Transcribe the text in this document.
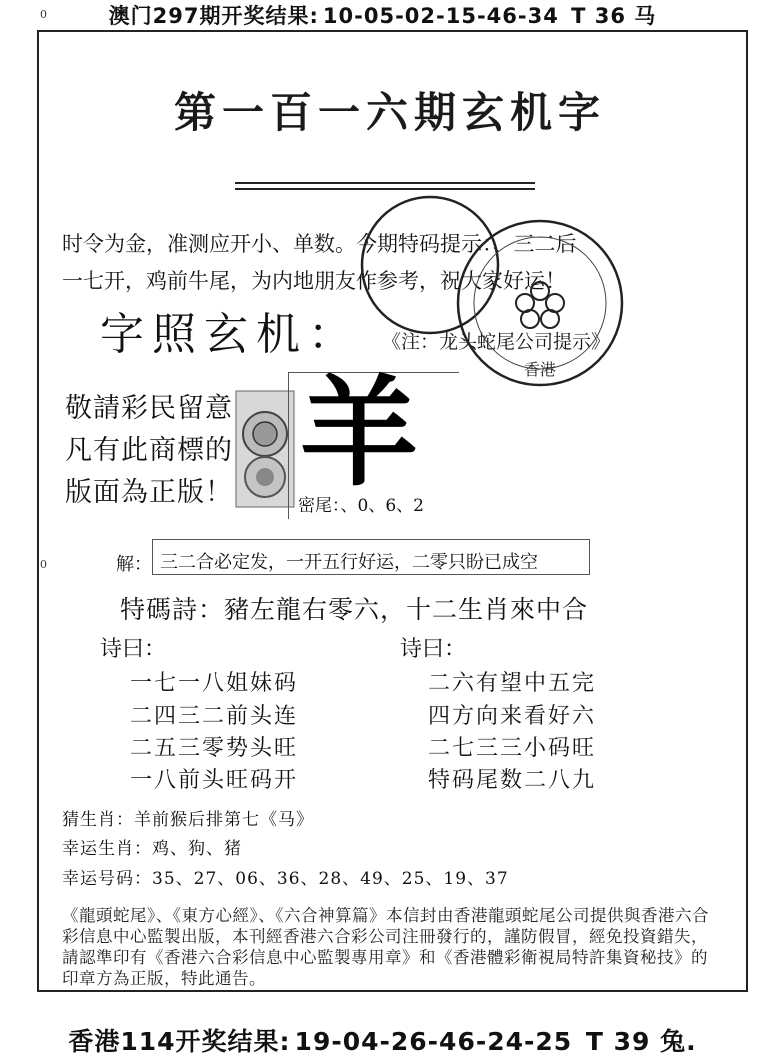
澳门297期开奖结果: 10-05-02-15-46-34 T 36 马
0
0
第一百一六期玄机字
时令为金，准测应开小、单数。今期特码提示：、三二后
一七开，鸡前牛尾，为内地朋友作参考，祝大家好运！
字照玄机： 《注：龙头蛇尾公司提示》
香港
敬請彩民留意
凡有此商標的
版面為正版！ 羊
密尾：、0、6、2
解： 三二合必定发，一开五行好运，二零只盼已成空
特碼詩：豬左龍右零六，十二生肖來中合
诗曰：	诗曰：
一七一八姐妹码
二四三二前头连
二五三零势头旺
一八前头旺码开
二六有望中五完
四方向来看好六
二七三三小码旺
特码尾数二八九
猜生肖：羊前猴后排第七《马》
幸运生肖：鸡、狗、猪
幸运号码：35、27、06、36、28、49、25、19、37
《龍頭蛇尾》、《東方心經》、《六合神算篇》本信封由香港龍頭蛇尾公司提供與香港六合彩信息中心監製出版，本刊經香港六合彩公司注冊發行的，謹防假冒，經免投資錯失，請認準印有《香港六合彩信息中心監製專用章》和《香港體彩衛視局特許集資秘技》的印章方為正版，特此通告。
香港114开奖结果: 19-04-26-46-24-25 T 39 兔.
